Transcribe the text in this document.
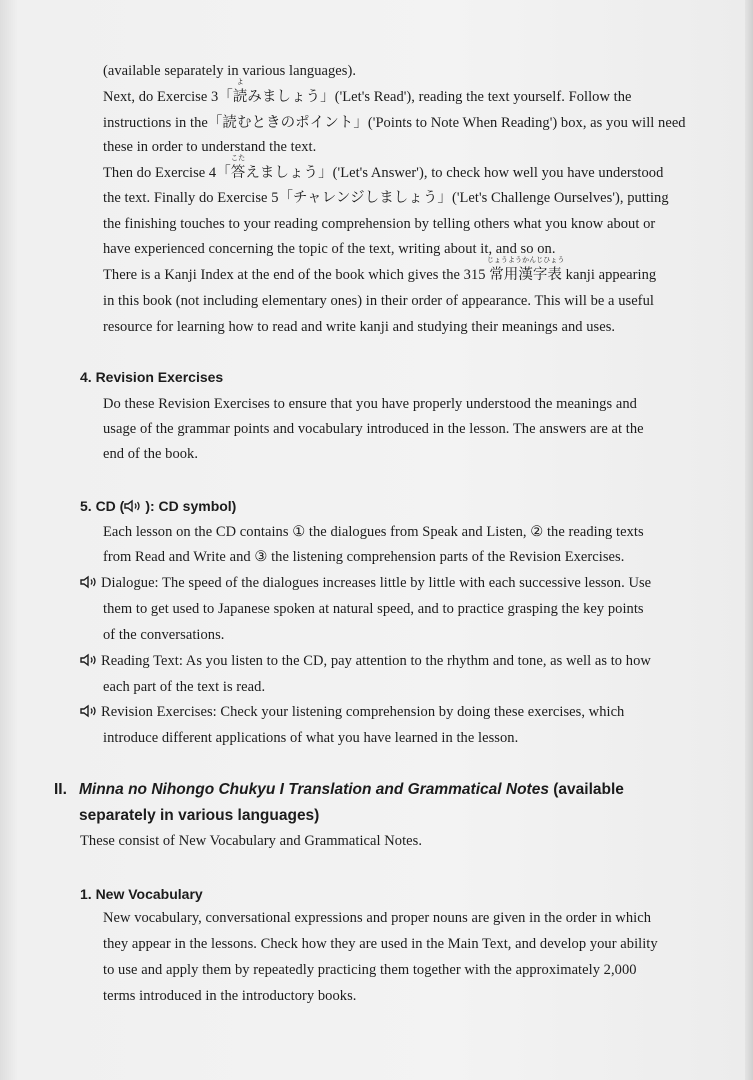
(available separately in various languages).
Next, do Exercise 3「
よ
読みましょう」('Let's Read'), reading the text yourself. Follow the
instructions in the「読むときのポイント」('Points to Note When Reading') box, as you will need
these in order to understand the text.
Then do Exercise 4「
こた
答えましょう」('Let's Answer'), to check how well you have understood
the text. Finally do Exercise 5「チャレンジしましょう」('Let's Challenge Ourselves'), putting
the finishing touches to your reading comprehension by telling others what you know about or
have experienced concerning the topic of the text, writing about it, and so on.
There is a Kanji Index at the end of the book which gives the 315
じょうようかんじひょう
常用漢字表 kanji appearing
in this book (not including elementary ones) in their order of appearance. This will be a useful
resource for learning how to read and write kanji and studying their meanings and uses.
4. Revision Exercises
Do these Revision Exercises to ensure that you have properly understood the meanings and
usage of the grammar points and vocabulary introduced in the lesson. The answers are at the
end of the book.
5. CD ( ): CD symbol)
Each lesson on the CD contains ① the dialogues from Speak and Listen, ② the reading texts
from Read and Write and ③ the listening comprehension parts of the Revision Exercises.
Dialogue: The speed of the dialogues increases little by little with each successive lesson. Use
them to get used to Japanese spoken at natural speed, and to practice grasping the key points
of the conversations.
Reading Text: As you listen to the CD, pay attention to the rhythm and tone, as well as to how
each part of the text is read.
Revision Exercises: Check your listening comprehension by doing these exercises, which
introduce different applications of what you have learned in the lesson.
II. Minna no Nihongo Chukyu I Translation and Grammatical Notes (available
separately in various languages)
These consist of New Vocabulary and Grammatical Notes.
1. New Vocabulary
New vocabulary, conversational expressions and proper nouns are given in the order in which
they appear in the lessons. Check how they are used in the Main Text, and develop your ability
to use and apply them by repeatedly practicing them together with the approximately 2,000
terms introduced in the introductory books.
